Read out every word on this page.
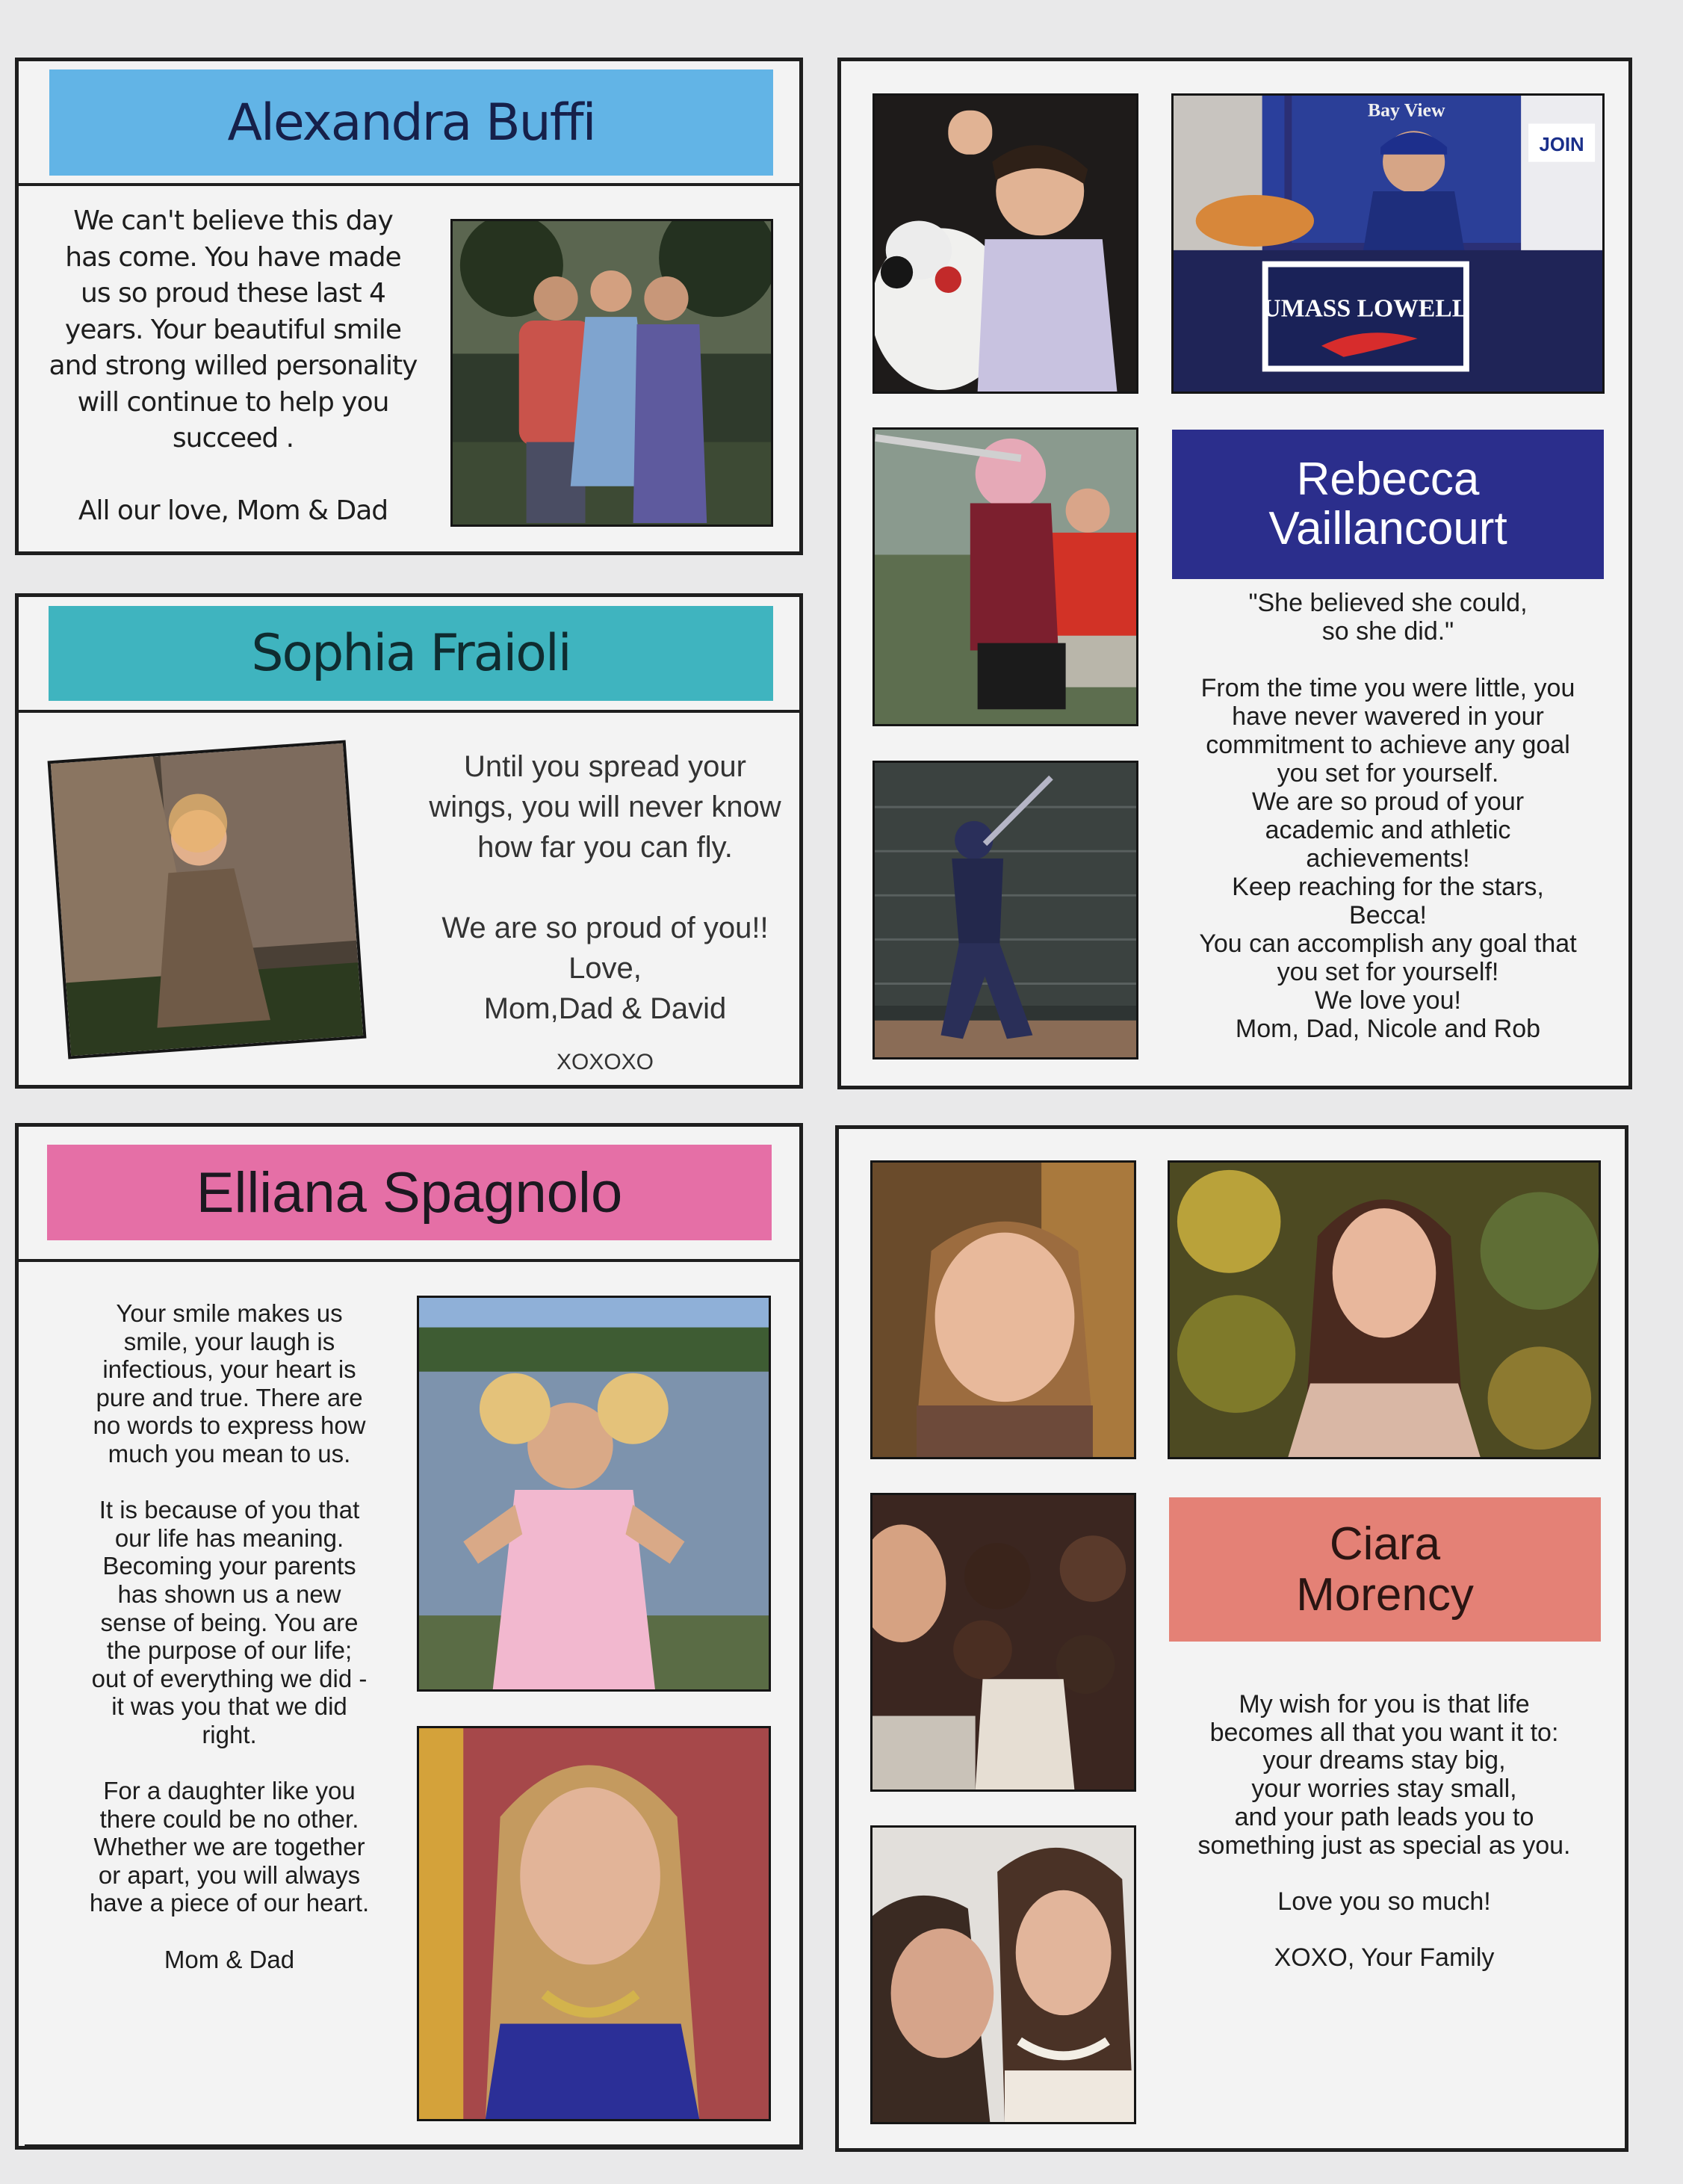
Alexandra Buffi
We can't believe this day
has come. You have made
us so proud these last 4
years. Your beautiful smile
and strong willed personality
will continue to help you
succeed .

All our love, Mom & Dad
Sophia Fraioli
Until you spread your
wings, you will never know
how far you can fly.

We are so proud of you!!
Love,
Mom,Dad & David
XOXOXO
Bay View
JOIN
UMASS LOWELL
Rebecca
Vaillancourt
"She believed she could,
so she did."

From the time you were little, you
have never wavered in your
commitment to achieve any goal
you set for yourself.
We are so proud of your
academic and athletic
achievements!
Keep reaching for the stars,
Becca!
You can accomplish any goal that
you set for yourself!
We love you!
Mom, Dad, Nicole and Rob
Elliana Spagnolo
Your smile makes us
smile, your laugh is
infectious, your heart is
pure and true. There are
no words to express how
much you mean to us.

It is because of you that
our life has meaning.
Becoming your parents
has shown us a new
sense of being. You are
the purpose of our life;
out of everything we did -
it was you that we did
right.

For a daughter like you
there could be no other.
Whether we are together
or apart, you will always
have a piece of our heart.

Mom & Dad
Ciara
Morency
My wish for you is that life
becomes all that you want it to:
your dreams stay big,
your worries stay small,
and your path leads you to
something just as special as you.

Love you so much!

XOXO, Your Family
